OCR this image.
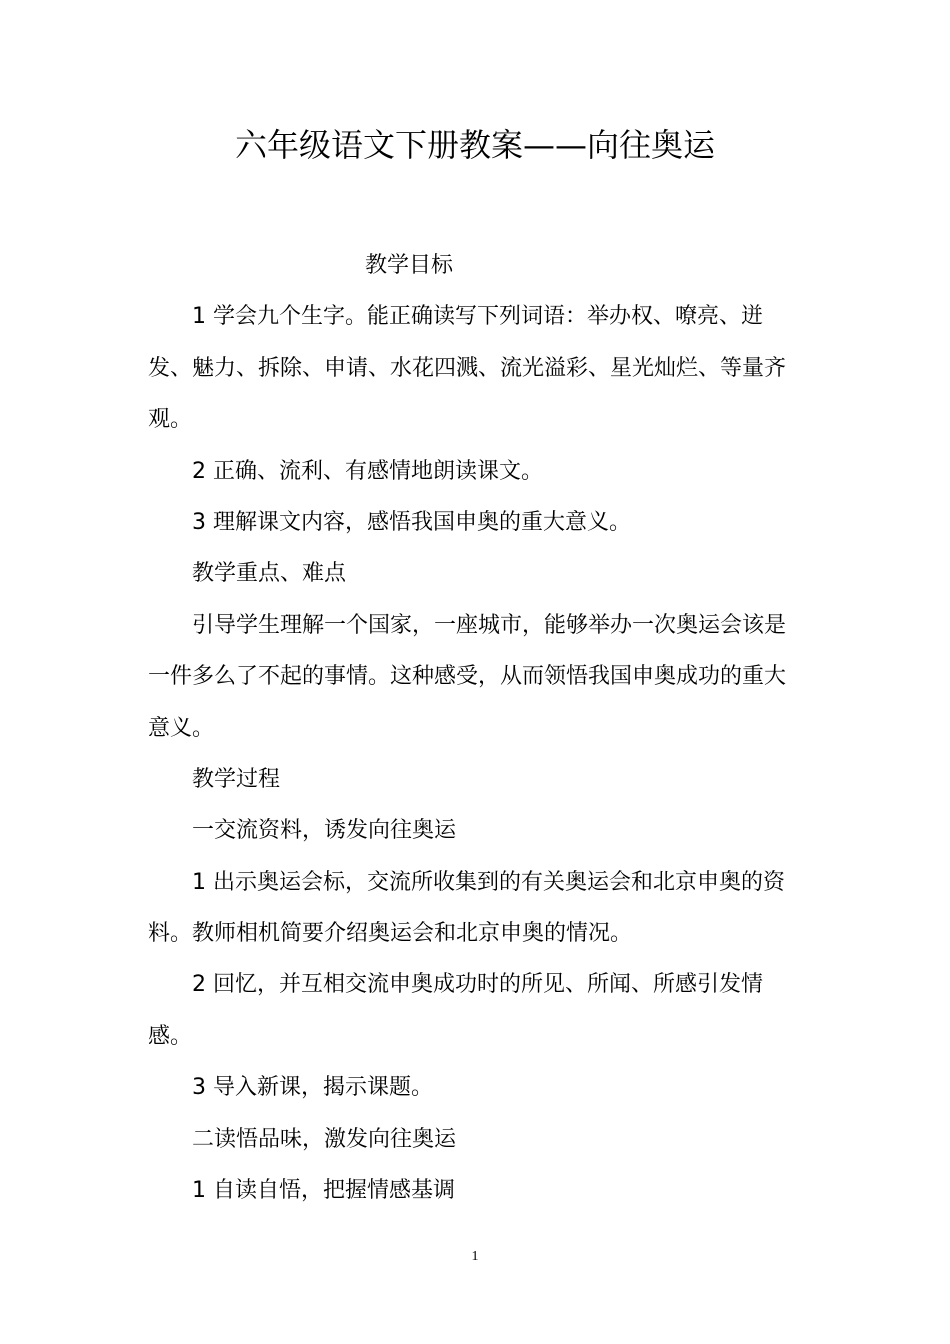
六年级语文下册教案——向往奥运
教学目标
1 学会九个生字。能正确读写下列词语：举办权、嘹亮、迸
发、魅力、拆除、申请、水花四溅、流光溢彩、星光灿烂、等量齐
观。
2 正确、流利、有感情地朗读课文。
3 理解课文内容，感悟我国申奥的重大意义。
教学重点、难点
引导学生理解一个国家，一座城市，能够举办一次奥运会该是
一件多么了不起的事情。这种感受，从而领悟我国申奥成功的重大
意义。
教学过程
一交流资料，诱发向往奥运
1 出示奥运会标，交流所收集到的有关奥运会和北京申奥的资
料。教师相机简要介绍奥运会和北京申奥的情况。
2 回忆，并互相交流申奥成功时的所见、所闻、所感引发情
感。
3 导入新课，揭示课题。
二读悟品味，激发向往奥运
1 自读自悟，把握情感基调
1
